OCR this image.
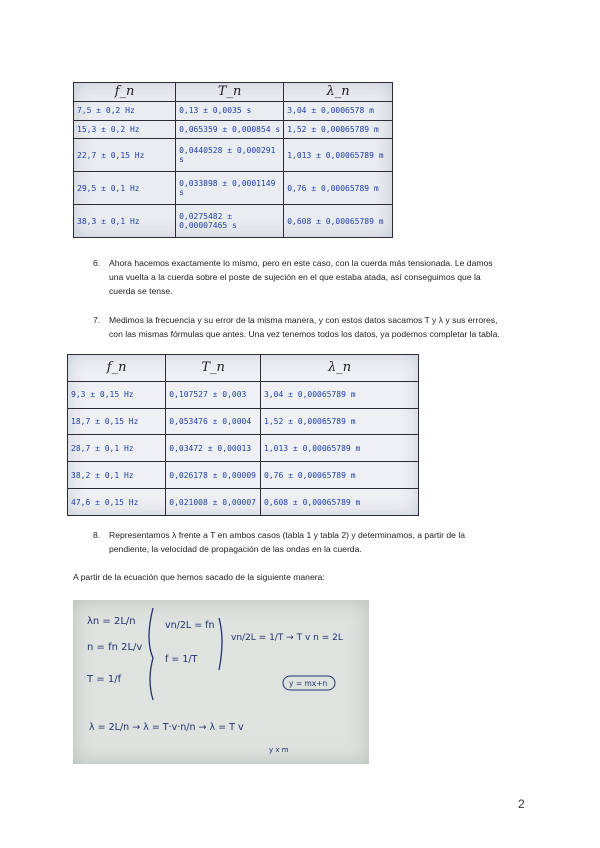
f_n	T_n	λ_n
7,5 ± 0,2 Hz	0,13 ± 0,0035 s	3,04 ± 0,0006578 m
15,3 ± 0,2 Hz	0,065359 ± 0,000854 s	1,52 ± 0,00065789 m
22,7 ± 0,15 Hz	0,0440528 ± 0,000291 s	1,013 ± 0,00065789 m
29,5 ± 0,1 Hz	0,033898 ± 0,0001149 s	0,76 ± 0,00065789 m
38,3 ± 0,1 Hz	0,0275482 ± 0,00007465 s	0,608 ± 0,00065789 m
6. Ahora hacemos exactamente lo mismo, pero en este caso, con la cuerda más tensionada. Le damos
una vuelta a la cuerda sobre el poste de sujeción en el que estaba atada, así conseguimos que la
cuerda se tense.
7. Medimos la frecuencia y su error de la misma manera, y con estos datos sacamos T y λ y sus errores,
con las mismas fórmulas que antes. Una vez tenemos todos los datos, ya podemos completar la tabla.
f_n	T_n	λ_n
9,3 ± 0,15 Hz	0,107527 ± 0,003	3,04 ± 0,00065789 m
18,7 ± 0,15 Hz	0,053476 ± 0,0004	1,52 ± 0,00065789 m
28,7 ± 0,1 Hz	0,03472 ± 0,00013	1,013 ± 0,00065789 m
38,2 ± 0,1 Hz	0,026178 ± 0,00009	0,76 ± 0,00065789 m
47,6 ± 0,15 Hz	0,021008 ± 0,00007	0,608 ± 0,00065789 m
8. Representamos λ frente a T en ambos casos (tabla 1 y tabla 2) y determinamos, a partir de la
pendiente, la velocidad de propagación de las ondas en la cuerda.
A partir de la ecuación que hemos sacado de la siguiente manera:
λn = 2L/n
n = fn 2L/v
T = 1/f
vn/2L = fn
f = 1/T
vn/2L = 1/T → T v n = 2L
y = mx+n
λ = 2L/n → λ = T·v·n/n → λ = T v
y x m
2
